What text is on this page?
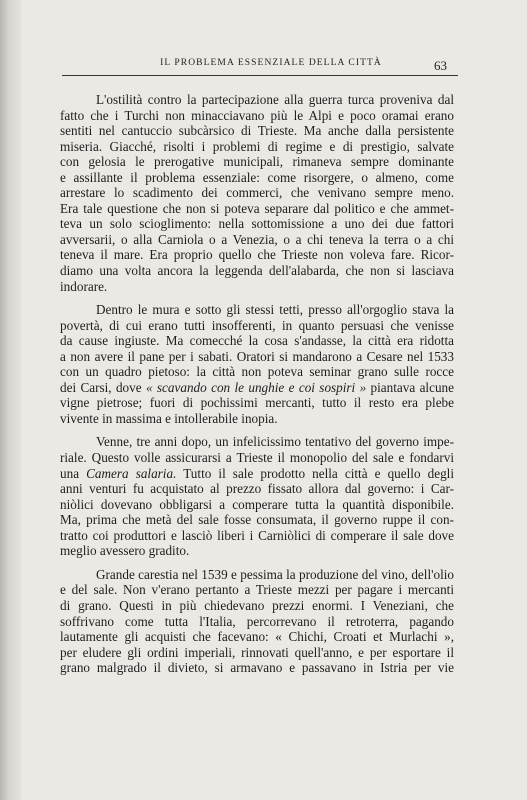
IL PROBLEMA ESSENZIALE DELLA CITTÀ	63
L'ostilità contro la partecipazione alla guerra turca proveniva dal
fatto che i Turchi non minacciavano più le Alpi e poco oramai erano
sentiti nel cantuccio subcàrsico di Trieste. Ma anche dalla persistente
miseria. Giacché, risolti i problemi di regime e di prestigio, salvate
con gelosia le prerogative municipali, rimaneva sempre dominante
e assillante il problema essenziale: come risorgere, o almeno, come
arrestare lo scadimento dei commerci, che venivano sempre meno.
Era tale questione che non si poteva separare dal politico e che ammet-
teva un solo scioglimento: nella sottomissione a uno dei due fattori
avversarii, o alla Carniola o a Venezia, o a chi teneva la terra o a chi
teneva il mare. Era proprio quello che Trieste non voleva fare. Ricor-
diamo una volta ancora la leggenda dell'alabarda, che non si lasciava
indorare.
Dentro le mura e sotto gli stessi tetti, presso all'orgoglio stava la
povertà, di cui erano tutti insofferenti, in quanto persuasi che venisse
da cause ingiuste. Ma comecché la cosa s'andasse, la città era ridotta
a non avere il pane per i sabati. Oratori si mandarono a Cesare nel 1533
con un quadro pietoso: la città non poteva seminar grano sulle rocce
dei Carsi, dove « scavando con le unghie e coi sospiri » piantava alcune
vigne pietrose; fuori di pochissimi mercanti, tutto il resto era plebe
vivente in massima e intollerabile inopia.
Venne, tre anni dopo, un infelicissimo tentativo del governo impe-
riale. Questo volle assicurarsi a Trieste il monopolio del sale e fondarvi
una Camera salaria. Tutto il sale prodotto nella città e quello degli
anni venturi fu acquistato al prezzo fissato allora dal governo: i Car-
niòlici dovevano obbligarsi a comperare tutta la quantità disponibile.
Ma, prima che metà del sale fosse consumata, il governo ruppe il con-
tratto coi produttori e lasciò liberi i Carniòlici di comperare il sale dove
meglio avessero gradito.
Grande carestia nel 1539 e pessima la produzione del vino, dell'olio
e del sale. Non v'erano pertanto a Trieste mezzi per pagare i mercanti
di grano. Questi in più chiedevano prezzi enormi. I Veneziani, che
soffrivano come tutta l'Italia, percorrevano il retroterra, pagando
lautamente gli acquisti che facevano: « Chichi, Croati et Murlachi »,
per eludere gli ordini imperiali, rinnovati quell'anno, e per esportare il
grano malgrado il divieto, si armavano e passavano in Istria per vie
